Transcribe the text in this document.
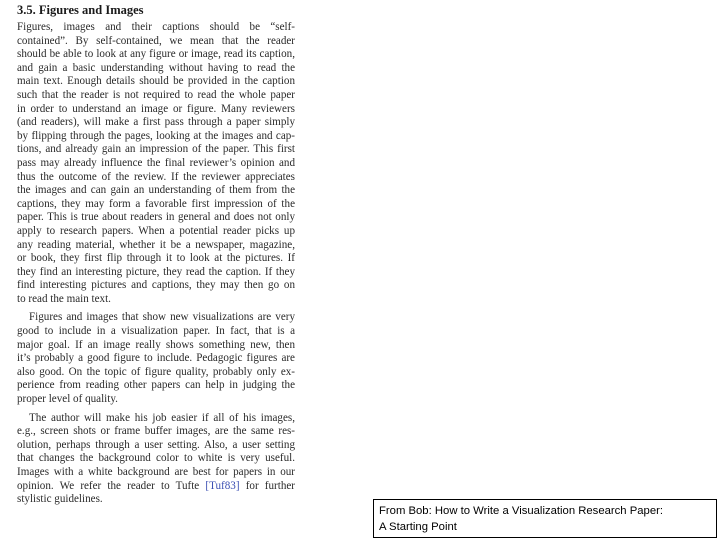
3.5. Figures and Images

Figures, images and their captions should be “self-
contained”. By self-contained, we mean that the reader
should be able to look at any figure or image, read its caption,
and gain a basic understanding without having to read the
main text. Enough details should be provided in the caption
such that the reader is not required to read the whole paper
in order to understand an image or figure. Many reviewers
(and readers), will make a first pass through a paper simply
by flipping through the pages, looking at the images and cap-
tions, and already gain an impression of the paper. This first
pass may already influence the final reviewer’s opinion and
thus the outcome of the review. If the reviewer appreciates
the images and can gain an understanding of them from the
captions, they may form a favorable first impression of the
paper. This is true about readers in general and does not only
apply to research papers. When a potential reader picks up
any reading material, whether it be a newspaper, magazine,
or book, they first flip through it to look at the pictures. If
they find an interesting picture, they read the caption. If they
find interesting pictures and captions, they may then go on
to read the main text.

Figures and images that show new visualizations are very
good to include in a visualization paper. In fact, that is a
major goal. If an image really shows something new, then
it’s probably a good figure to include. Pedagogic figures are
also good. On the topic of figure quality, probably only ex-
perience from reading other papers can help in judging the
proper level of quality.

The author will make his job easier if all of his images,
e.g., screen shots or frame buffer images, are the same res-
olution, perhaps through a user setting. Also, a user setting
that changes the background color to white is very useful.
Images with a white background are best for papers in our
opinion. We refer the reader to Tufte [Tuf83] for further
stylistic guidelines.

From Bob: How to Write a Visualization Research Paper:
A Starting Point
